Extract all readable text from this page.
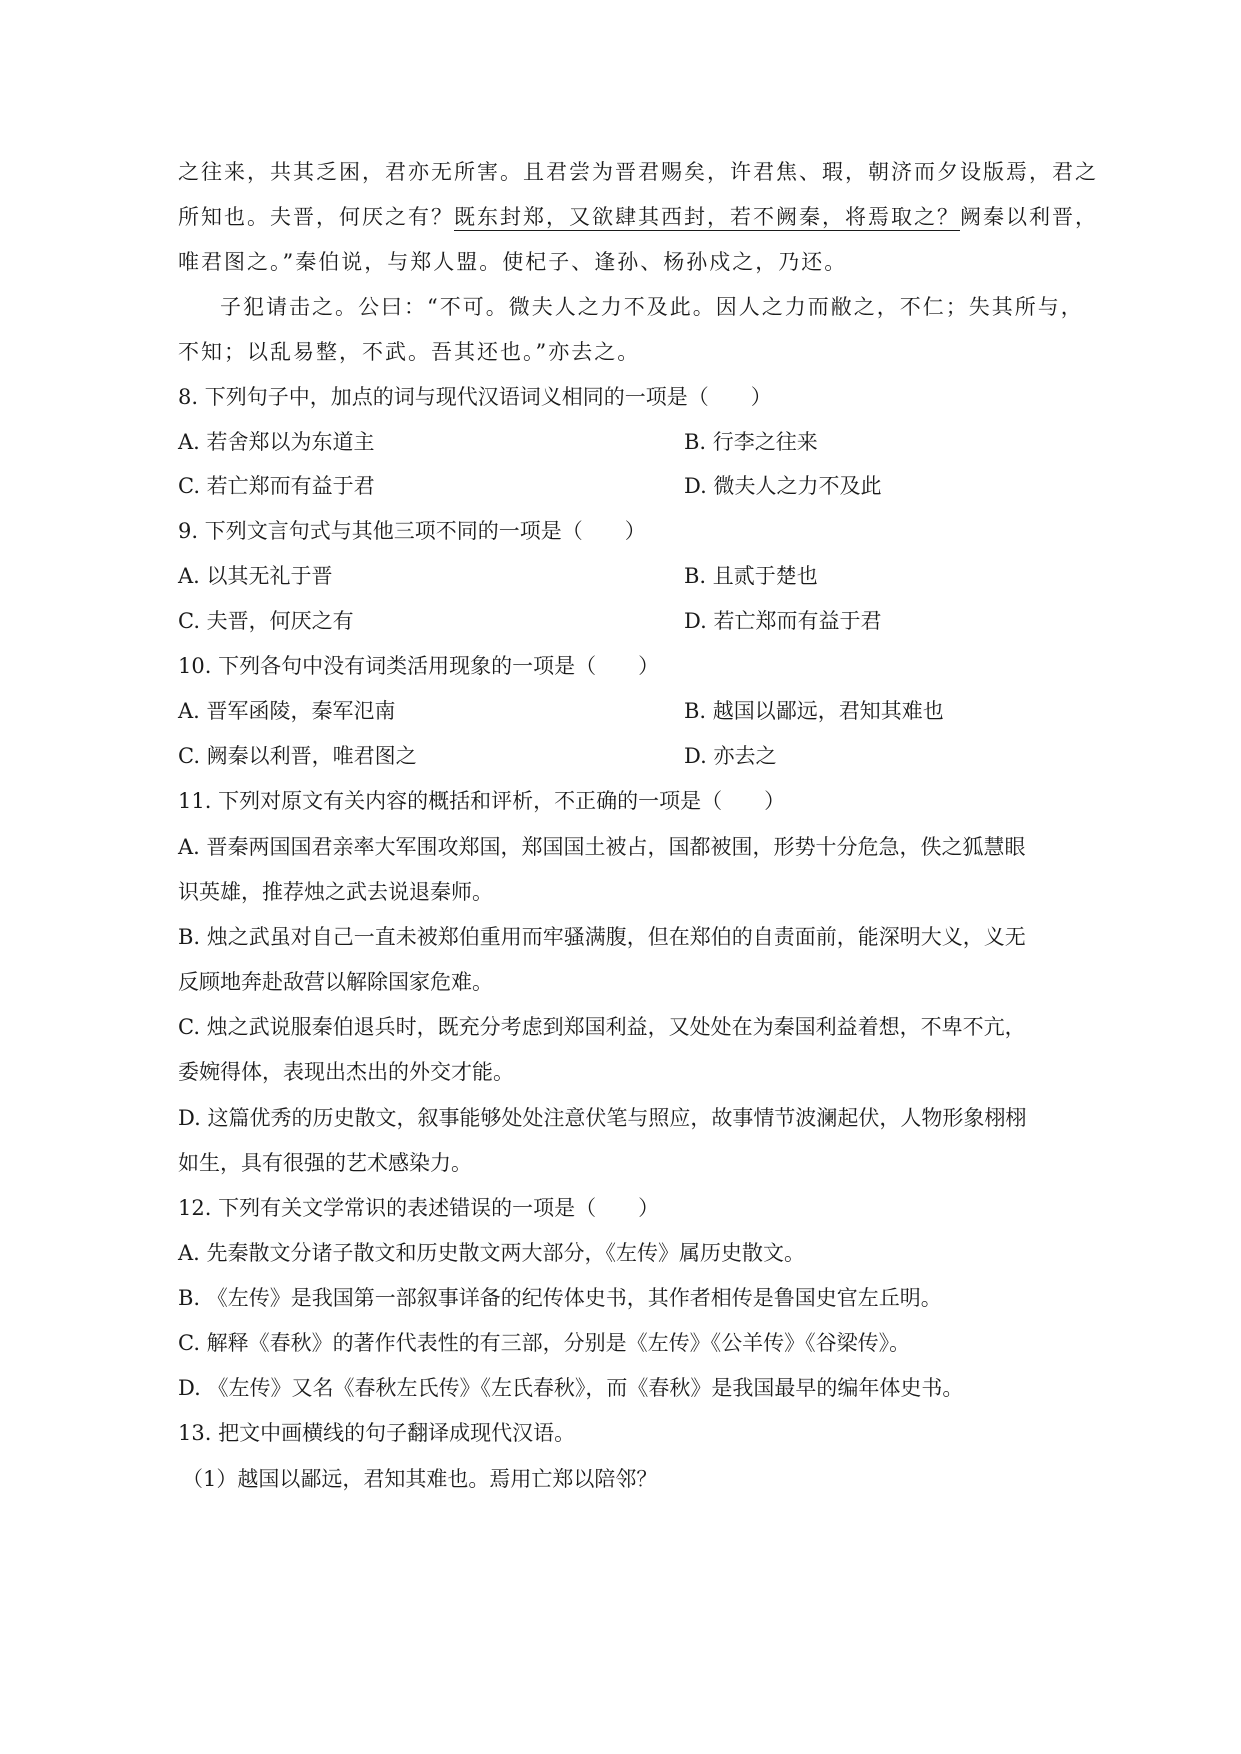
之往来，共其乏困，君亦无所害。且君尝为晋君赐矣，许君焦、瑕，朝济而夕设版焉，君之
所知也。夫晋，何厌之有？既东封郑，又欲肆其西封，若不阙秦，将焉取之？阙秦以利晋，
唯君图之。”秦伯说，与郑人盟。使杞子、逢孙、杨孙戍之，乃还。
子犯请击之。公曰：“不可。微夫人之力不及此。因人之力而敝之，不仁；失其所与，
不知；以乱易整，不武。吾其还也。”亦去之。
8. 下列句子中，加点的词与现代汉语词义相同的一项是（　　）
A. 若舍郑以为东道主	B. 行李之往来
C. 若亡郑而有益于君	D. 微夫人之力不及此
9. 下列文言句式与其他三项不同的一项是（　　）
A. 以其无礼于晋	B. 且贰于楚也
C. 夫晋，何厌之有	D. 若亡郑而有益于君
10. 下列各句中没有词类活用现象的一项是（　　）
A. 晋军函陵，秦军氾南	B. 越国以鄙远，君知其难也
C. 阙秦以利晋，唯君图之	D. 亦去之
11. 下列对原文有关内容的概括和评析，不正确的一项是（　　）
A. 晋秦两国国君亲率大军围攻郑国，郑国国土被占，国都被围，形势十分危急，佚之狐慧眼
识英雄，推荐烛之武去说退秦师。
B. 烛之武虽对自己一直未被郑伯重用而牢骚满腹，但在郑伯的自责面前，能深明大义，义无
反顾地奔赴敌营以解除国家危难。
C. 烛之武说服秦伯退兵时，既充分考虑到郑国利益，又处处在为秦国利益着想，不卑不亢，
委婉得体，表现出杰出的外交才能。
D. 这篇优秀的历史散文，叙事能够处处注意伏笔与照应，故事情节波澜起伏，人物形象栩栩
如生，具有很强的艺术感染力。
12. 下列有关文学常识的表述错误的一项是（　　）
A. 先秦散文分诸子散文和历史散文两大部分，《左传》属历史散文。
B. 《左传》是我国第一部叙事详备的纪传体史书，其作者相传是鲁国史官左丘明。
C. 解释《春秋》的著作代表性的有三部，分别是《左传》《公羊传》《谷梁传》。
D. 《左传》又名《春秋左氏传》《左氏春秋》，而《春秋》是我国最早的编年体史书。
13. 把文中画横线的句子翻译成现代汉语。
（1）越国以鄙远，君知其难也。焉用亡郑以陪邻？
